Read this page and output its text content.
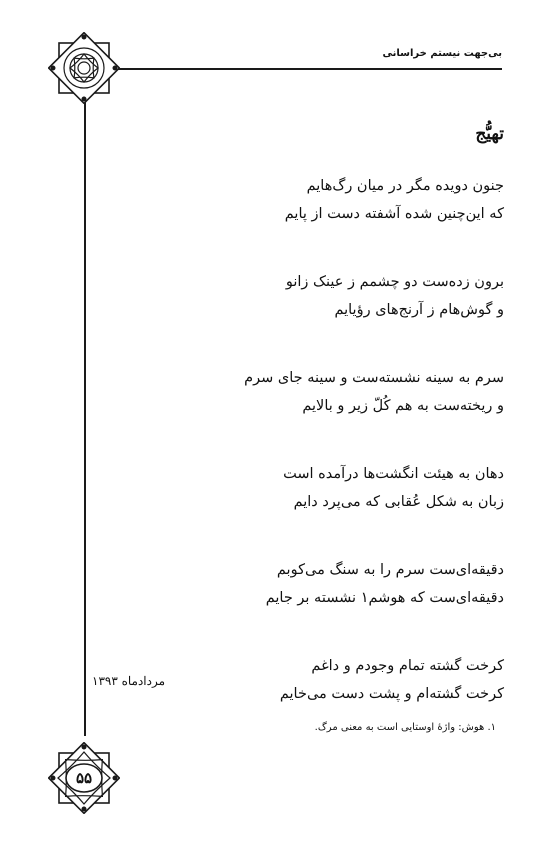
بی‌جهت نیستم خراسانی
تهیُّج
جنون دویده مگر در میان رگ‌هایم
که این‌چنین شده آشفته دست از پایم
برون زده‌ست دو چشمم ز عینک زانو
و گوش‌هام ز آرنج‌های رؤیایم
سرم به سینه نشسته‌ست و سینه جای سرم
و ریخته‌ست به هم کُلّ زیر و بالایم
دهان به هیئت انگشت‌ها درآمده است
زبان به شکل عُقابی که می‌پرد دایم
دقیقه‌ای‌ست سرم را به سنگ می‌کوبم
دقیقه‌ای‌ست که هوشم۱ نشسته بر جایم
کرخت گشته تمام وجودم و داغم
کرخت گشته‌ام و پشت دست می‌خایم
مردادماه ۱۳۹۳
۱. هوش: واژهٔ اوستایی است به معنی مرگ.
۵۵
